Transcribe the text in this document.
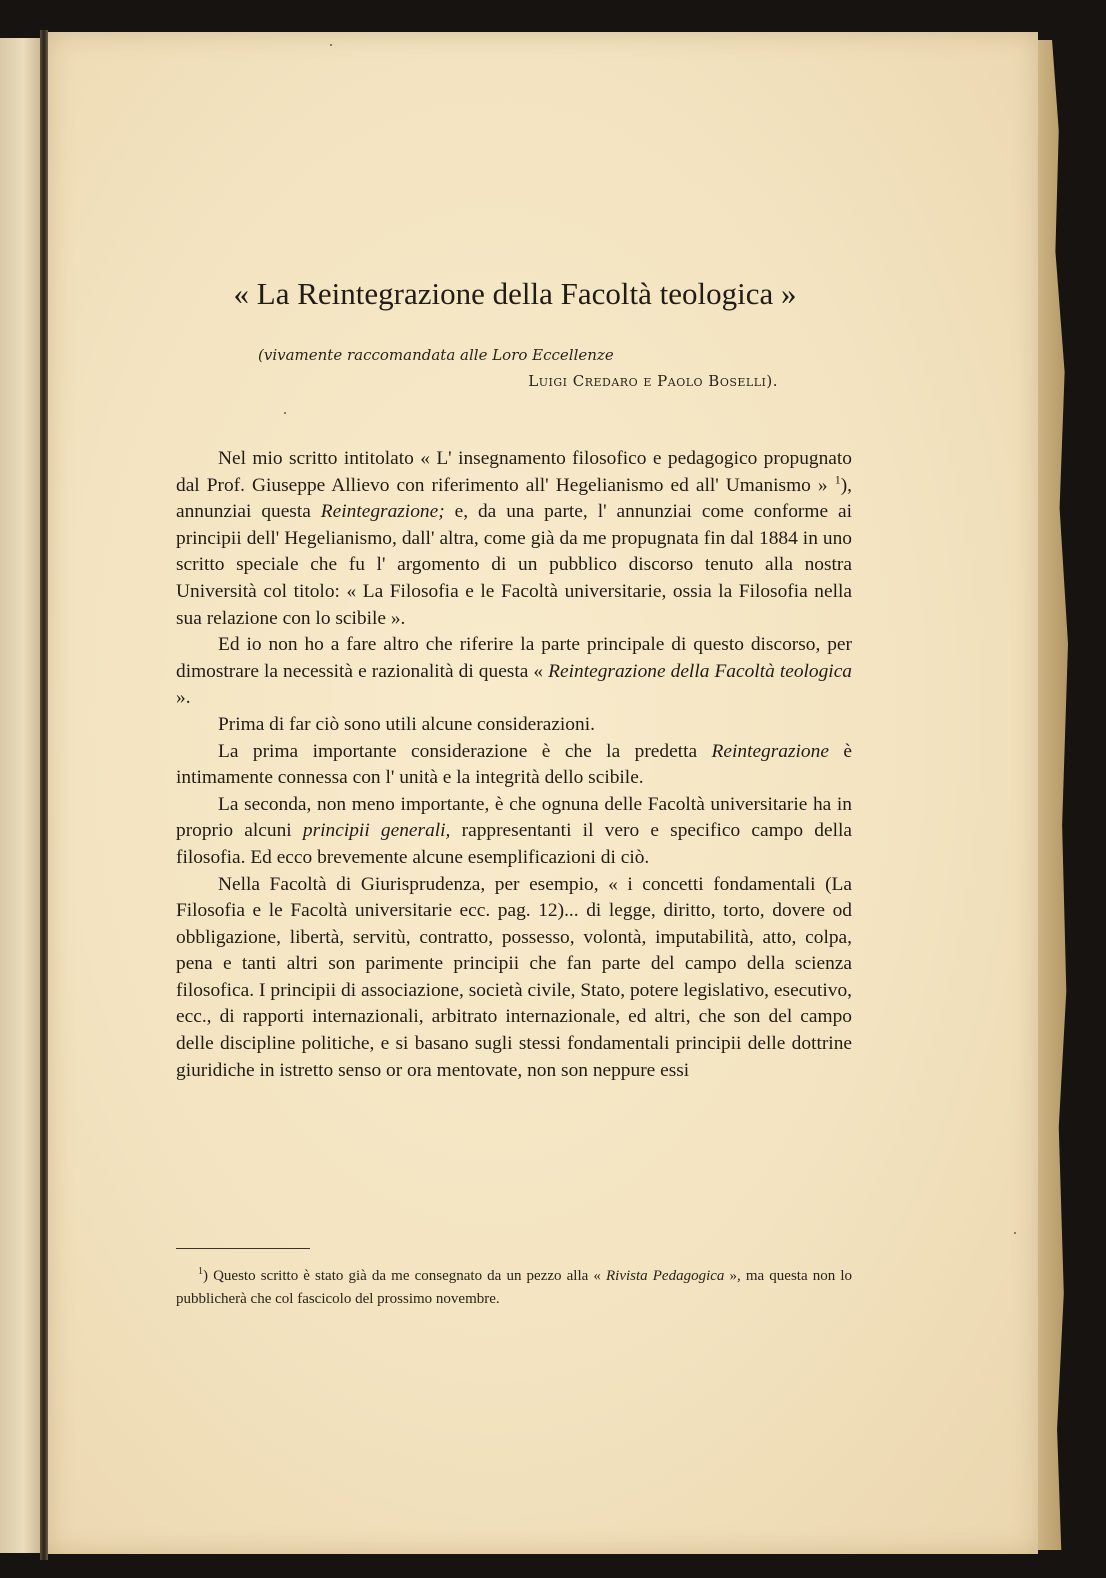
« La Reintegrazione della Facoltà teologica »
(vivamente raccomandata alle Loro Eccellenze
Luigi Credaro e Paolo Boselli).

Nel mio scritto intitolato « L' insegnamento filosofico e pedagogico propugnato dal Prof. Giuseppe Allievo con riferimento all' Hegelianismo ed all' Umanismo » $^1$), annunziai questa Reintegrazione; e, da una parte, l' annunziai come conforme ai principii dell' Hegelianismo, dall' altra, come già da me propugnata fin dal 1884 in uno scritto speciale che fu l' argomento di un pubblico discorso tenuto alla nostra Università col titolo: « La Filosofia e le Facoltà universitarie, ossia la Filosofia nella sua relazione con lo scibile ».

Ed io non ho a fare altro che riferire la parte principale di questo discorso, per dimostrare la necessità e razionalità di questa « Reintegrazione della Facoltà teologica ».

Prima di far ciò sono utili alcune considerazioni.

La prima importante considerazione è che la predetta Reintegrazione è intimamente connessa con l' unità e la integrità dello scibile.

La seconda, non meno importante, è che ognuna delle Facoltà universitarie ha in proprio alcuni principii generali, rappresentanti il vero e specifico campo della filosofia. Ed ecco brevemente alcune esemplificazioni di ciò.

Nella Facoltà di Giurisprudenza, per esempio, « i concetti fondamentali (La Filosofia e le Facoltà universitarie ecc. pag. 12)... di legge, diritto, torto, dovere od obbligazione, libertà, servitù, contratto, possesso, volontà, imputabilità, atto, colpa, pena e tanti altri son parimente principii che fan parte del campo della scienza filosofica. I principii di associazione, società civile, Stato, potere legislativo, esecutivo, ecc., di rapporti internazionali, arbitrato internazionale, ed altri, che son del campo delle discipline politiche, e si basano sugli stessi fondamentali principii delle dottrine giuridiche in istretto senso or ora mentovate, non son neppure essi

$^1$) Questo scritto è stato già da me consegnato da un pezzo alla « Rivista Pedagogica », ma questa non lo pubblicherà che col fascicolo del prossimo novembre.
